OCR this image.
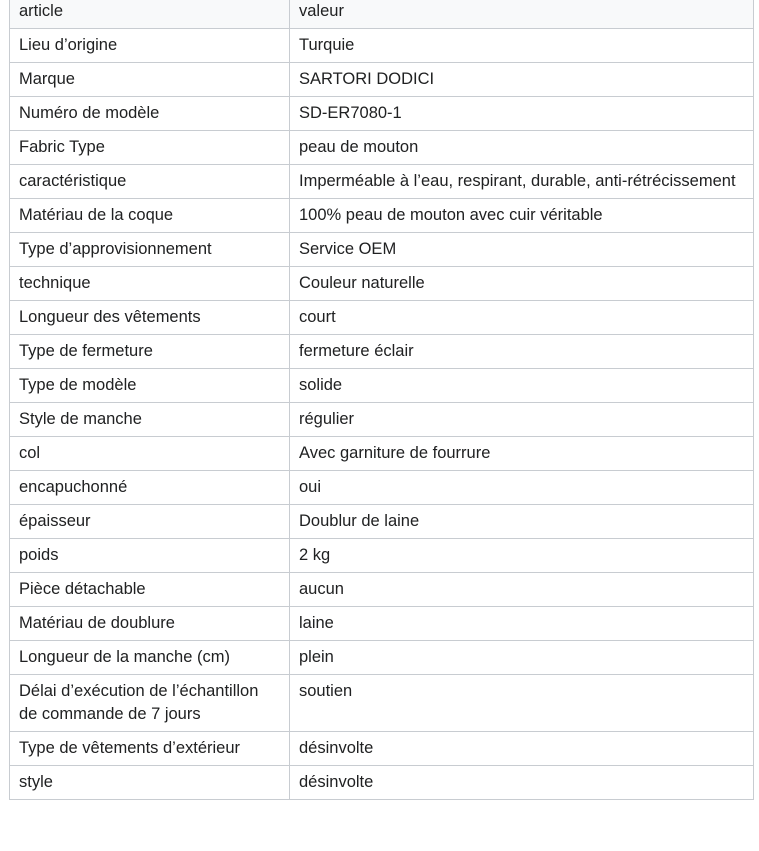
article	valeur
Lieu d’origine	Turquie
Marque	SARTORI DODICI
Numéro de modèle	SD-ER7080-1
Fabric Type	peau de mouton
caractéristique	Imperméable à l’eau, respirant, durable, anti-rétrécissement
Matériau de la coque	100% peau de mouton avec cuir véritable
Type d’approvisionnement	Service OEM
technique	Couleur naturelle
Longueur des vêtements	court
Type de fermeture	fermeture éclair
Type de modèle	solide
Style de manche	régulier
col	Avec garniture de fourrure
encapuchonné	oui
épaisseur	Doublur de laine
poids	2 kg
Pièce détachable	aucun
Matériau de doublure	laine
Longueur de la manche (cm)	plein
Délai d’exécution de l’échantillon de commande de 7 jours	soutien
Type de vêtements d’extérieur	désinvolte
style	désinvolte
